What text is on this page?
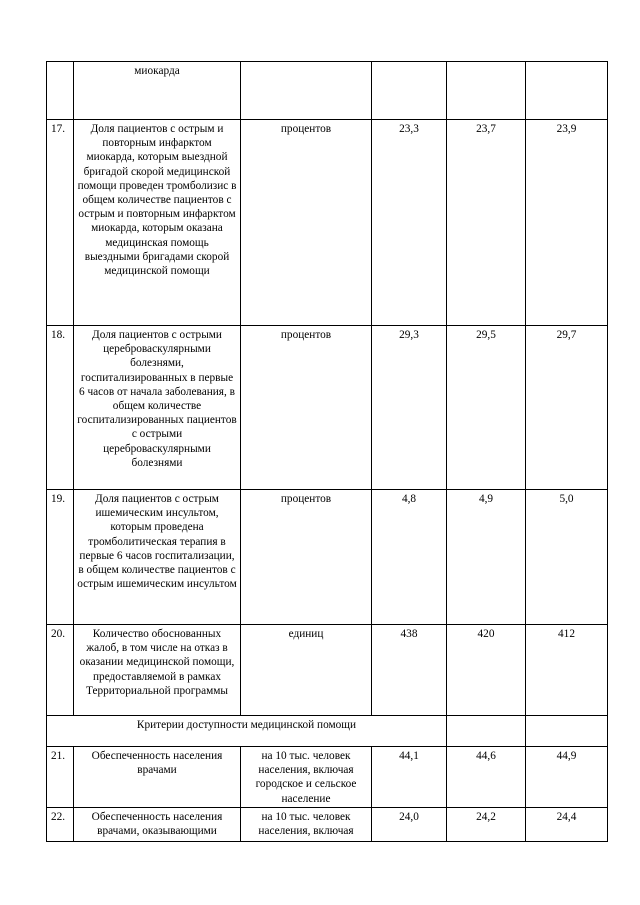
	миокарда				
17.	Доля пациентов с острым и повторным инфарктом миокарда, которым выездной бригадой скорой медицинской помощи проведен тромболизис в общем количестве пациентов с острым и повторным инфарктом миокарда, которым оказана медицинская помощь выездными бригадами скорой медицинской помощи	процентов	23,3	23,7	23,9
18.	Доля пациентов с острыми цереброваскулярными болезнями, госпитализированных в первые 6 часов от начала заболевания, в общем количестве госпитализированных пациентов с острыми цереброваскулярными болезнями	процентов	29,3	29,5	29,7
19.	Доля пациентов с острым ишемическим инсультом, которым проведена тромболитическая терапия в первые 6 часов госпитализации, в общем количестве пациентов с острым ишемическим инсультом	процентов	4,8	4,9	5,0
20.	Количество обоснованных жалоб, в том числе на отказ в оказании медицинской помощи, предоставляемой в рамках Территориальной программы	единиц	438	420	412
Критерии доступности медицинской помощи					
21.	Обеспеченность населения врачами	на 10 тыс. человек населения, включая городское и сельское население	44,1	44,6	44,9
22.	Обеспеченность населения врачами, оказывающими	на 10 тыс. человек населения, включая	24,0	24,2	24,4
